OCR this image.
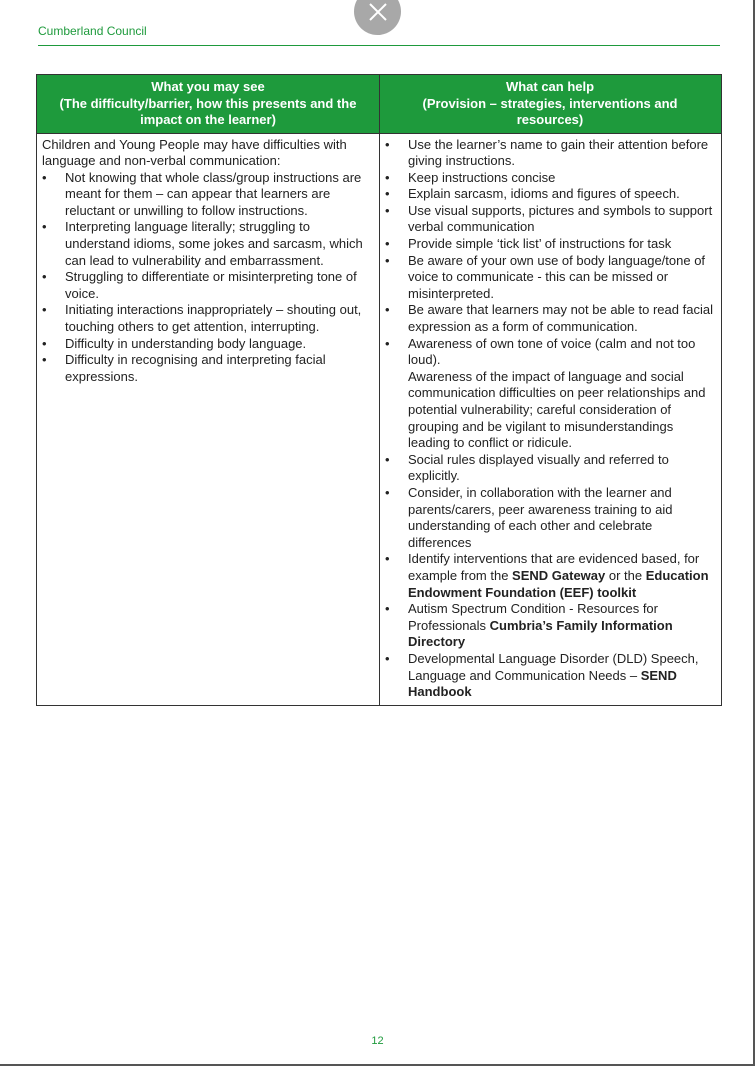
Cumberland Council
What you may see
(The difficulty/barrier, how this presents and the
impact on the learner)
What can help
(Provision – strategies, interventions and
resources)

Children and Young People may have difficulties with language and non-verbal communication:

• Not knowing that whole class/group instructions are meant for them – can appear that learners are reluctant or unwilling to follow instructions.

• Interpreting language literally; struggling to understand idioms, some jokes and sarcasm, which can lead to vulnerability and embarrassment.

• Struggling to differentiate or misinterpreting tone of voice.

• Initiating interactions inappropriately – shouting out, touching others to get attention, interrupting.

• Difficulty in understanding body language.

• Difficulty in recognising and interpreting facial expressions.

• Use the learner’s name to gain their attention before giving instructions.

• Keep instructions concise

• Explain sarcasm, idioms and figures of speech.

• Use visual supports, pictures and symbols to support verbal communication

• Provide simple ‘tick list’ of instructions for task

• Be aware of your own use of body language/tone of voice to communicate - this can be missed or misinterpreted.

• Be aware that learners may not be able to read facial expression as a form of communication.

• Awareness of own tone of voice (calm and not too loud).

Awareness of the impact of language and social communication difficulties on peer relationships and potential vulnerability; careful consideration of grouping and be vigilant to misunderstandings leading to conflict or ridicule.

• Social rules displayed visually and referred to explicitly.

• Consider, in collaboration with the learner and parents/carers, peer awareness training to aid understanding of each other and celebrate differences

• Identify interventions that are evidenced based, for example from the SEND Gateway or the Education Endowment Foundation (EEF) toolkit

• Autism Spectrum Condition - Resources for Professionals Cumbria’s Family Information Directory

• Developmental Language Disorder (DLD) Speech, Language and Communication Needs – SEND Handbook

12
